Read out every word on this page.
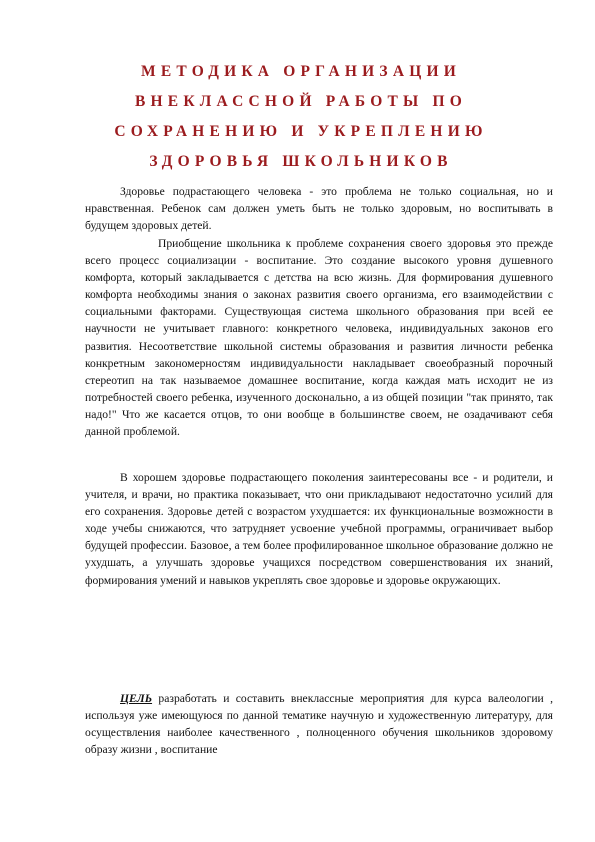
МЕТОДИКА ОРГАНИЗАЦИИ
ВНЕКЛАССНОЙ РАБОТЫ ПО
СОХРАНЕНИЮ И УКРЕПЛЕНИЮ
ЗДОРОВЬЯ ШКОЛЬНИКОВ

Здоровье подрастающего человека - это проблема не только социальная, но и нравственная. Ребенок сам должен уметь быть не только здоровым, но воспитывать в будущем здоровых детей.

Приобщение школьника к проблеме сохранения своего здоровья это прежде всего процесс социализации - воспитание. Это создание высокого уровня душевного комфорта, который закладывается с детства на всю жизнь. Для формирования душевного комфорта необходимы знания о законах развития своего организма, его взаимодействии с социальными факторами. Существующая система школьного образования при всей ее научности не учитывает главного: конкретного человека, индивидуальных законов его развития. Несоответствие школьной системы образования и развития личности ребенка конкретным закономерностям индивидуальности накладывает своеобразный порочный стереотип на так называемое домашнее воспитание, когда каждая мать исходит не из потребностей своего ребенка, изученного досконально, а из общей позиции "так принято, так надо!" Что же касается отцов, то они вообще в большинстве своем, не озадачивают себя данной проблемой.

В хорошем здоровье подрастающего поколения заинтересованы все - и родители, и учителя, и врачи, но практика показывает, что они прикладывают недостаточно усилий для его сохранения. Здоровье детей с возрастом ухудшается: их функциональные возможности в ходе учебы снижаются, что затрудняет усвоение учебной программы, ограничивает выбор будущей профессии. Базовое, а тем более профилированное школьное образование должно не ухудшать, а улучшать здоровье учащихся посредством совершенствования их знаний, формирования умений и навыков укреплять свое здоровье и здоровье окружающих.

ЦЕЛЬ разработать и составить внеклассные мероприятия для курса валеологии , используя уже имеющуюся по данной тематике научную и художественную литературу, для осуществления наиболее качественного , полноценного обучения школьников здоровому образу жизни , воспитание
